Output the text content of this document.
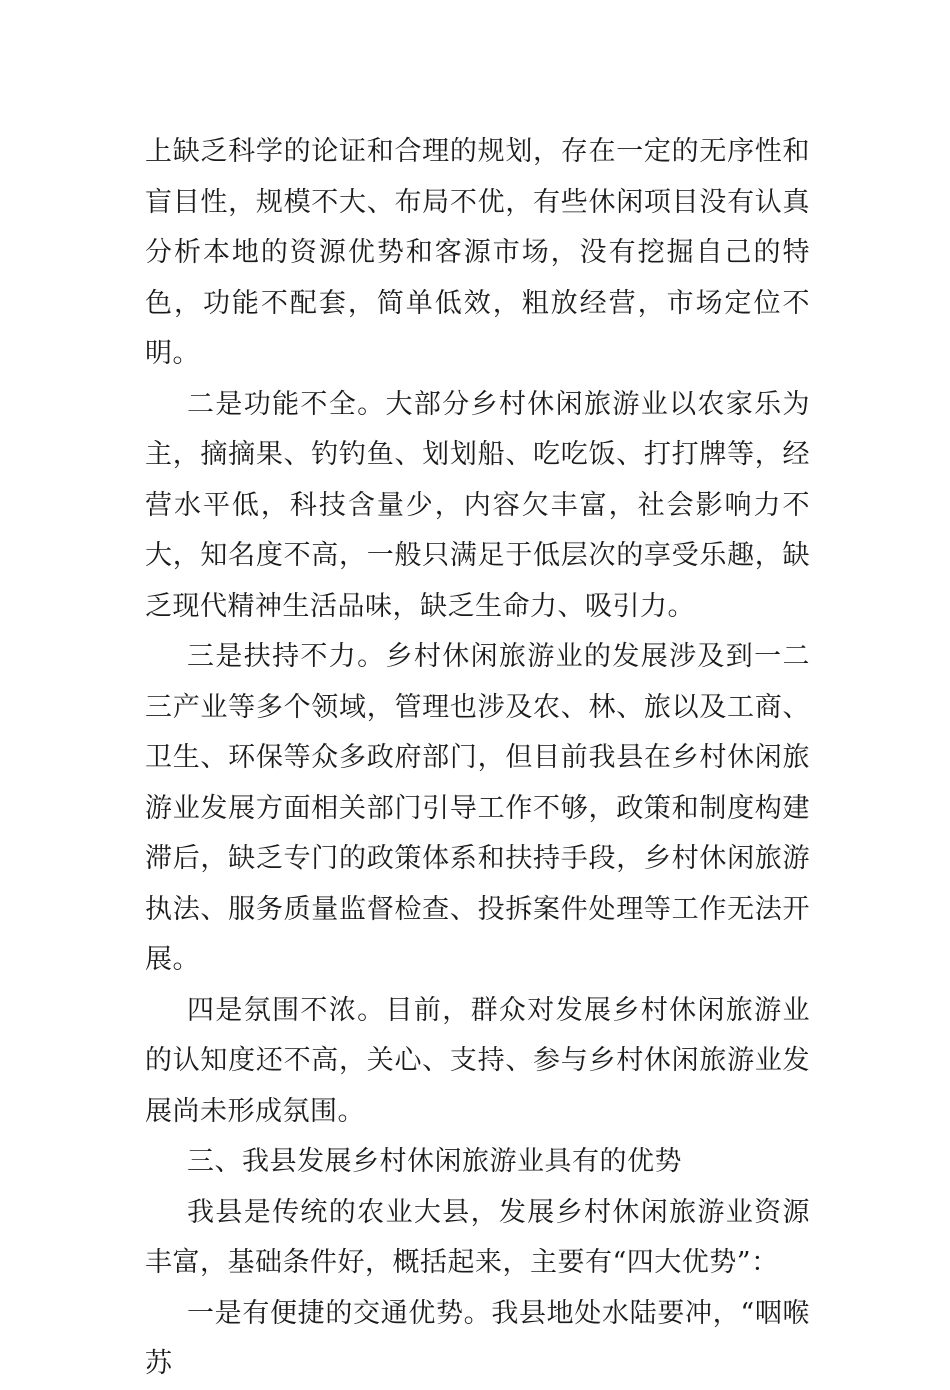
上缺乏科学的论证和合理的规划，存在一定的无序性和盲目性，规模不大、布局不优，有些休闲项目没有认真分析本地的资源优势和客源市场，没有挖掘自己的特色，功能不配套，简单低效，粗放经营，市场定位不明。

二是功能不全。大部分乡村休闲旅游业以农家乐为主，摘摘果、钓钓鱼、划划船、吃吃饭、打打牌等，经营水平低，科技含量少，内容欠丰富，社会影响力不大，知名度不高，一般只满足于低层次的享受乐趣，缺乏现代精神生活品味，缺乏生命力、吸引力。

三是扶持不力。乡村休闲旅游业的发展涉及到一二三产业等多个领域，管理也涉及农、林、旅以及工商、卫生、环保等众多政府部门，但目前我县在乡村休闲旅游业发展方面相关部门引导工作不够，政策和制度构建滞后，缺乏专门的政策体系和扶持手段，乡村休闲旅游执法、服务质量监督检查、投拆案件处理等工作无法开展。

四是氛围不浓。目前，群众对发展乡村休闲旅游业的认知度还不高，关心、支持、参与乡村休闲旅游业发展尚未形成氛围。

三、我县发展乡村休闲旅游业具有的优势

我县是传统的农业大县，发展乡村休闲旅游业资源丰富，基础条件好，概括起来，主要有“四大优势”：

一是有便捷的交通优势。我县地处水陆要冲，“咽喉苏
